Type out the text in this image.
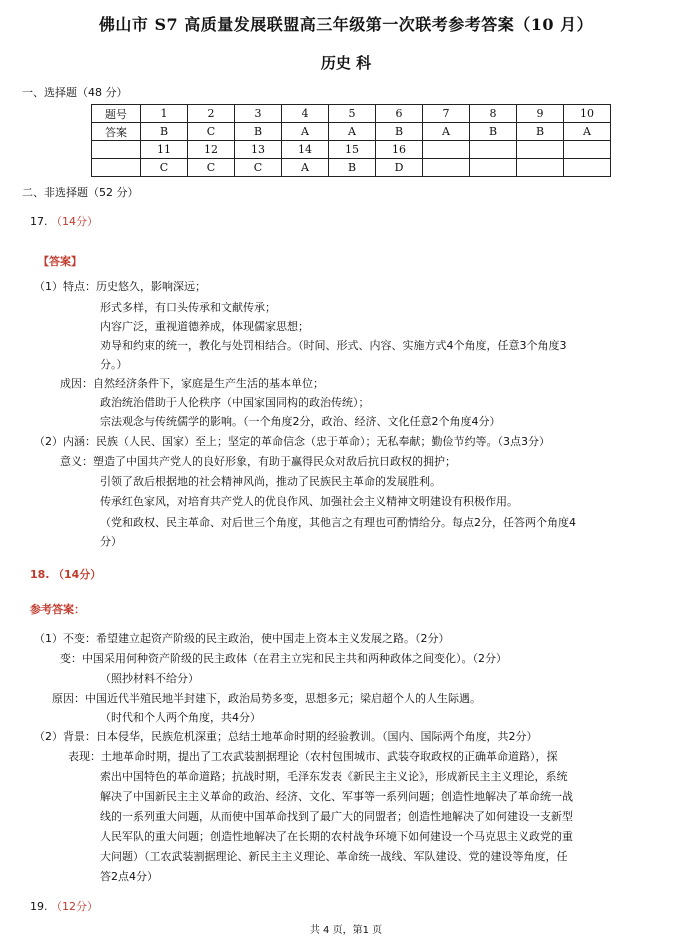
佛山市 S7 高质量发展联盟高三年级第一次联考参考答案（10 月）
历史 科
一、选择题（48 分）
题号	1	2	3	4	5	6	7	8	9	10
答案	B	C	B	A	A	B	A	B	B	A
	11	12	13	14	15	16				
	C	C	C	A	B	D				
二、非选择题（52 分）
17. （14分）
【答案】
（1）特点：历史悠久，影响深远；
形式多样，有口头传承和文献传承；
内容广泛，重视道德养成，体现儒家思想；
劝导和约束的统一，教化与处罚相结合。（时间、形式、内容、实施方式4个角度，任意3个角度3
分。）
成因：自然经济条件下，家庭是生产生活的基本单位；
政治统治借助于人伦秩序（中国家国同构的政治传统）；
宗法观念与传统儒学的影响。（一个角度2分，政治、经济、文化任意2个角度4分）
（2）内涵：民族（人民、国家）至上；坚定的革命信念（忠于革命）；无私奉献；勤俭节约等。（3点3分）
意义：塑造了中国共产党人的良好形象，有助于赢得民众对敌后抗日政权的拥护；
引领了敌后根据地的社会精神风尚，推动了民族民主革命的发展胜利。
传承红色家风，对培育共产党人的优良作风、加强社会主义精神文明建设有积极作用。
（党和政权、民主革命、对后世三个角度，其他言之有理也可酌情给分。每点2分，任答两个角度4
分）
18. （14分）
参考答案：
（1）不变：希望建立起资产阶级的民主政治，使中国走上资本主义发展之路。（2分）
变：中国采用何种资产阶级的民主政体（在君主立宪和民主共和两种政体之间变化）。（2分）
（照抄材料不给分）
原因：中国近代半殖民地半封建下，政治局势多变，思想多元；梁启超个人的人生际遇。
（时代和个人两个角度，共4分）
（2）背景：日本侵华，民族危机深重；总结土地革命时期的经验教训。（国内、国际两个角度，共2分）
表现：土地革命时期，提出了工农武装割据理论（农村包围城市、武装夺取政权的正确革命道路），探
索出中国特色的革命道路；抗战时期，毛泽东发表《新民主主义论》，形成新民主主义理论，系统
解决了中国新民主主义革命的政治、经济、文化、军事等一系列问题；创造性地解决了革命统一战
线的一系列重大问题，从而使中国革命找到了最广大的同盟者；创造性地解决了如何建设一支新型
人民军队的重大问题；创造性地解决了在长期的农村战争环境下如何建设一个马克思主义政党的重
大问题）（工农武装割据理论、新民主主义理论、革命统一战线、军队建设、党的建设等角度，任
答2点4分）
19. （12分）
共 4 页，第1 页
